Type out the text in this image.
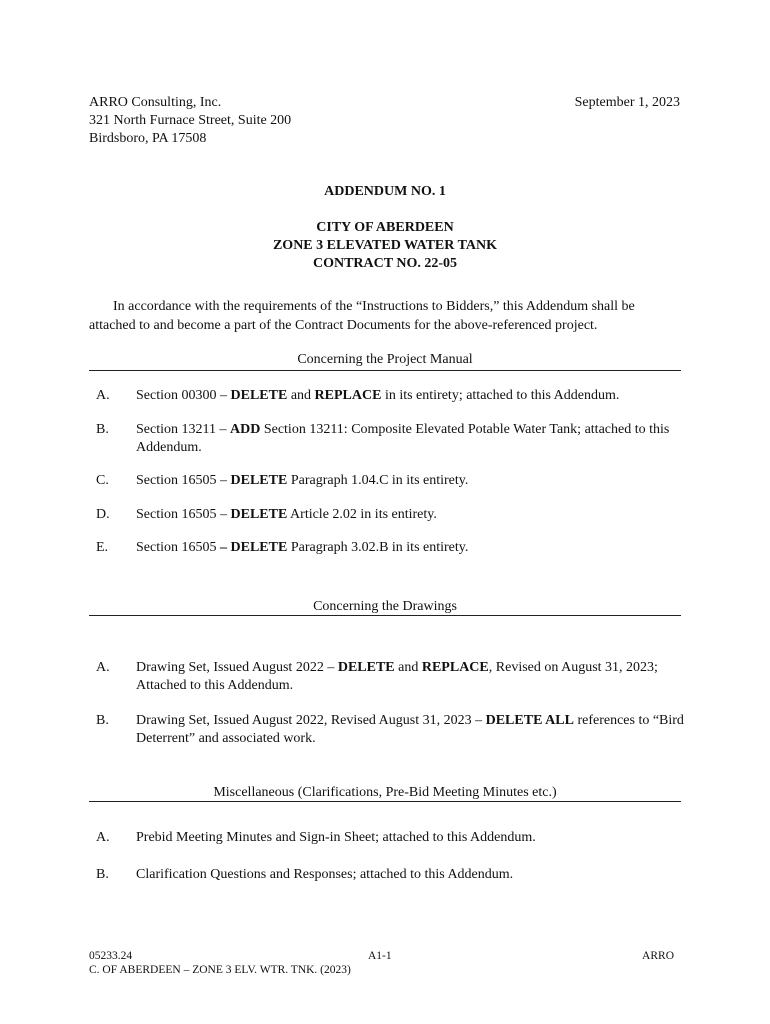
ARRO Consulting, Inc.
321 North Furnace Street, Suite 200
Birdsboro, PA 17508
September 1, 2023
ADDENDUM NO. 1
CITY OF ABERDEEN
ZONE 3 ELEVATED WATER TANK
CONTRACT NO. 22-05
In accordance with the requirements of the “Instructions to Bidders,” this Addendum shall be
attached to and become a part of the Contract Documents for the above-referenced project.
Concerning the Project Manual
A. Section 00300 – DELETE and REPLACE in its entirety; attached to this Addendum.
B. Section 13211 – ADD Section 13211: Composite Elevated Potable Water Tank; attached to this Addendum.
C. Section 16505 – DELETE Paragraph 1.04.C in its entirety.
D. Section 16505 – DELETE Article 2.02 in its entirety.
E. Section 16505 – DELETE Paragraph 3.02.B in its entirety.
Concerning the Drawings
A. Drawing Set, Issued August 2022 – DELETE and REPLACE, Revised on August 31, 2023; Attached to this Addendum.
B. Drawing Set, Issued August 2022, Revised August 31, 2023 – DELETE ALL references to “Bird Deterrent” and associated work.
Miscellaneous (Clarifications, Pre-Bid Meeting Minutes etc.)
A. Prebid Meeting Minutes and Sign-in Sheet; attached to this Addendum.
B. Clarification Questions and Responses; attached to this Addendum.
05233.24	A1-1	ARRO
C. OF ABERDEEN – ZONE 3 ELV. WTR. TNK. (2023)
